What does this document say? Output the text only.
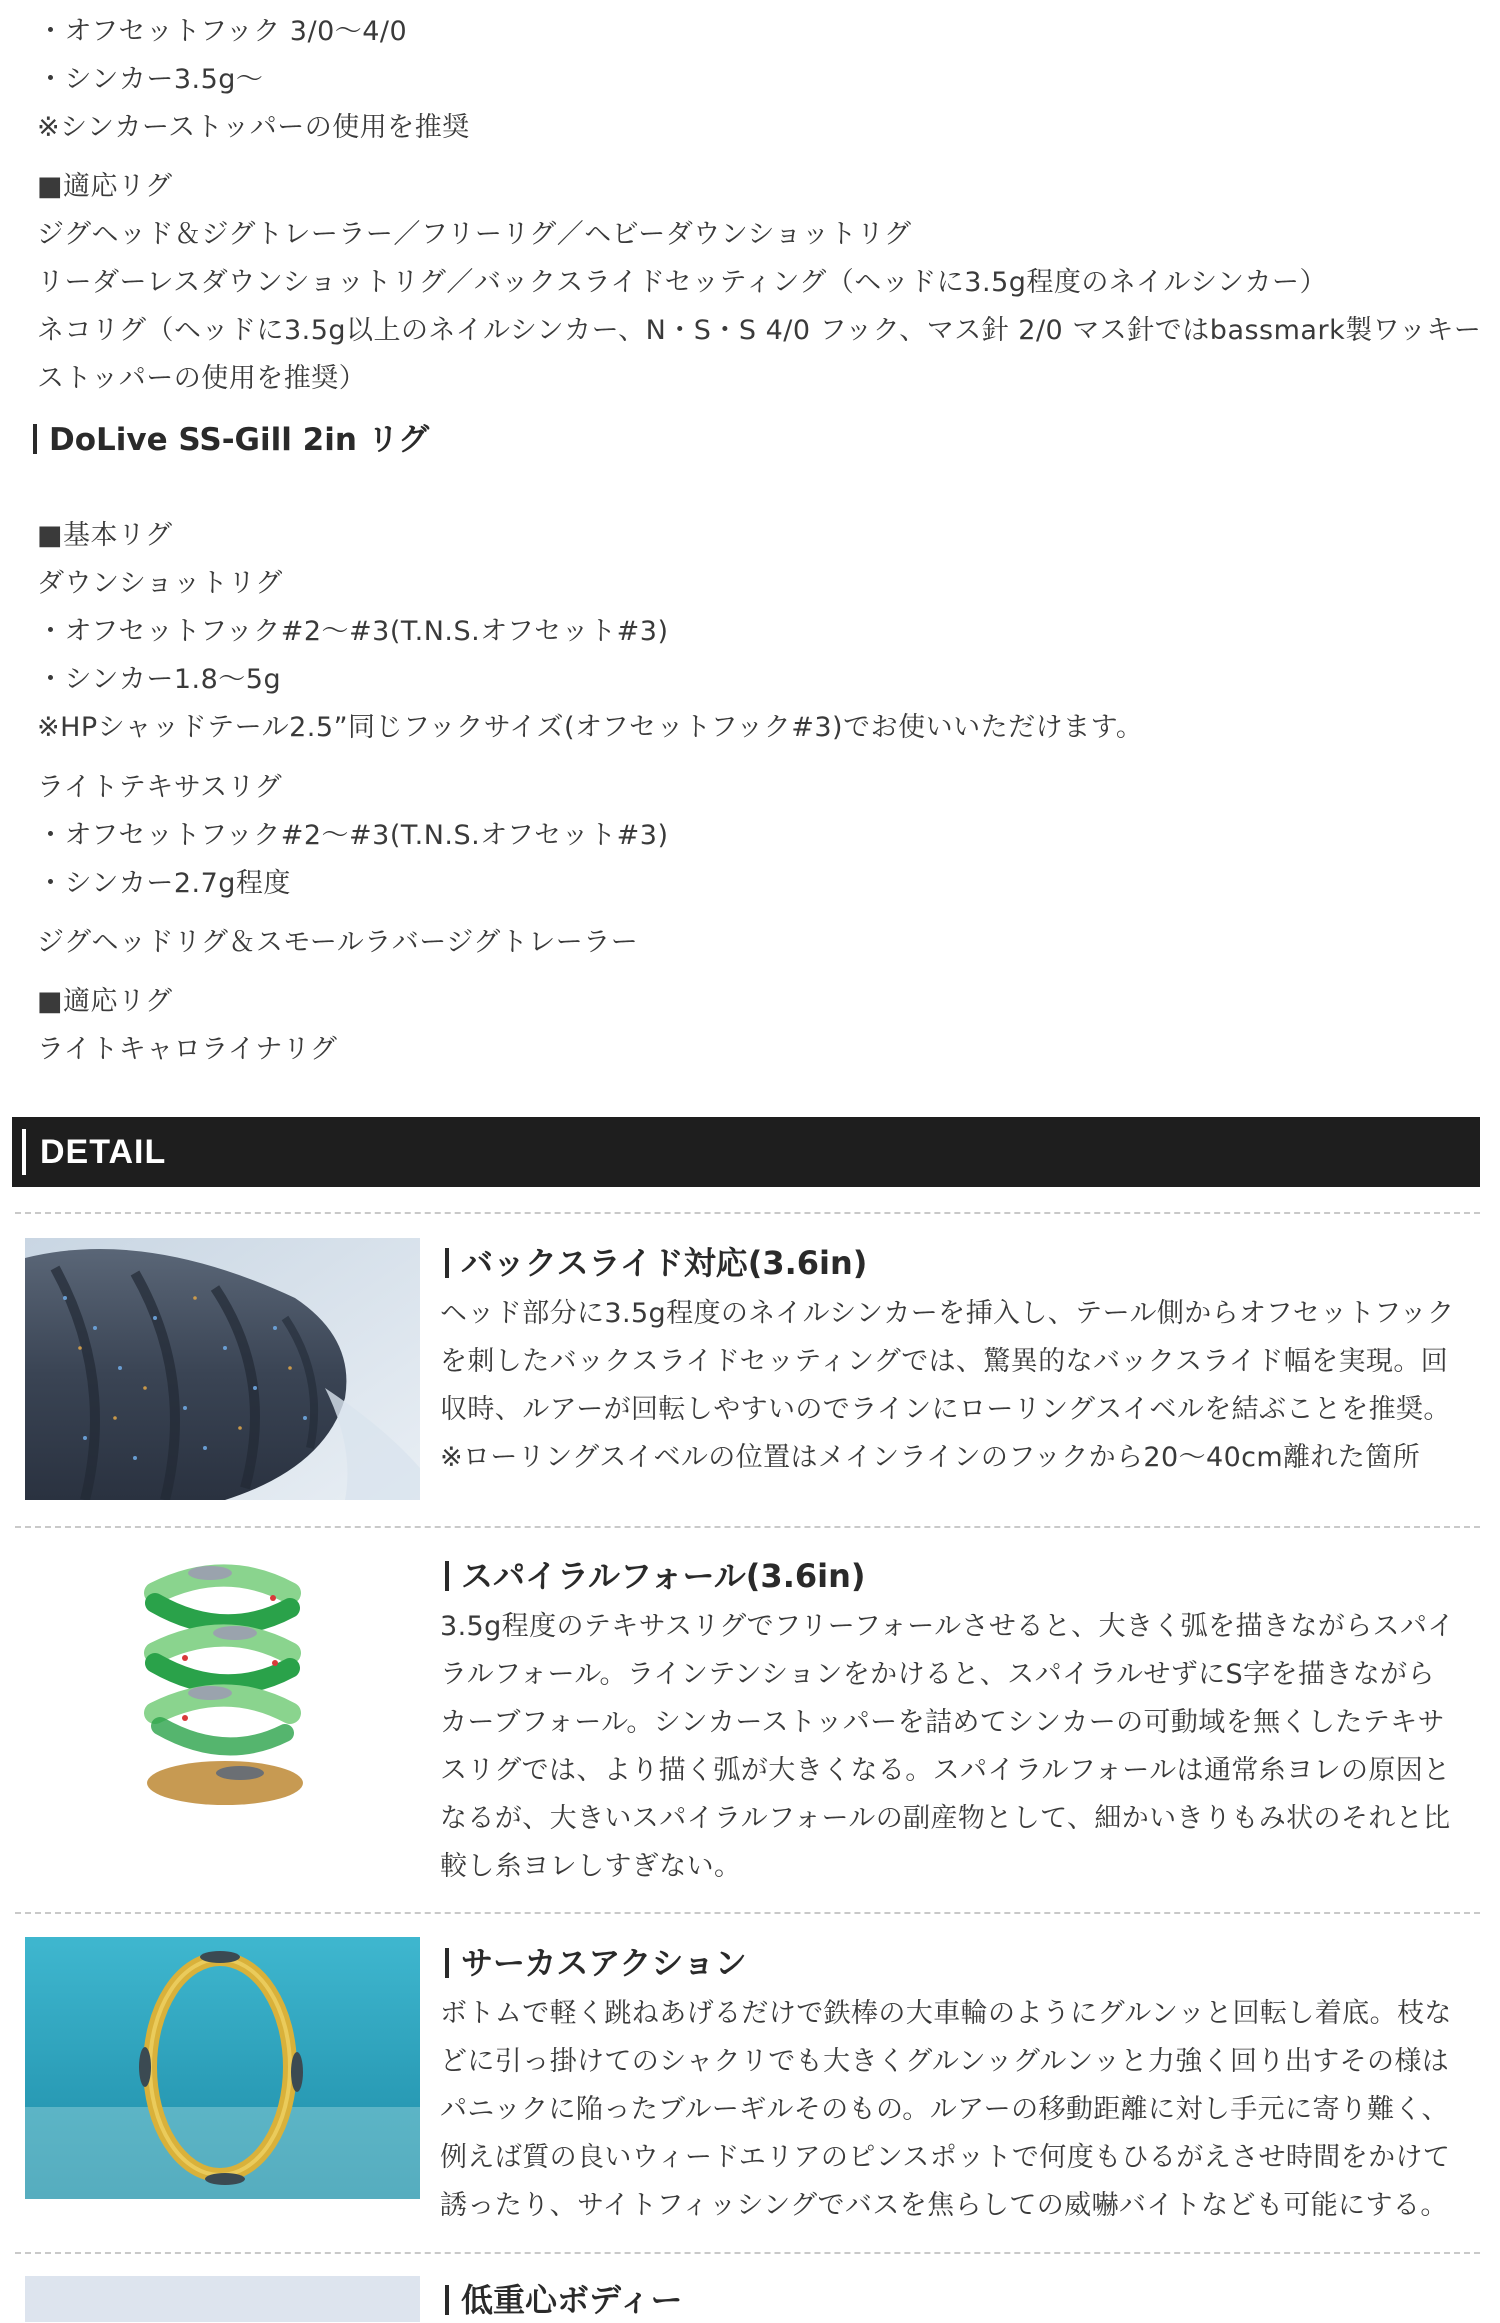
・オフセットフック 3/0〜4/0
・シンカー3.5g〜
※シンカーストッパーの使用を推奨
■適応リグ
ジグヘッド＆ジグトレーラー／フリーリグ／ヘビーダウンショットリグ
リーダーレスダウンショットリグ／バックスライドセッティング（ヘッドに3.5g程度のネイルシンカー）
ネコリグ（ヘッドに3.5g以上のネイルシンカー、N・S・S 4/0 フック、マス針 2/0 マス針ではbassmark製ワッキー
ストッパーの使用を推奨）
DoLive SS-Gill 2in リグ
■基本リグ
ダウンショットリグ
・オフセットフック#2〜#3(T.N.S.オフセット#3)
・シンカー1.8〜5g
※HPシャッドテール2.5”同じフックサイズ(オフセットフック#3)でお使いいただけます。
ライトテキサスリグ
・オフセットフック#2〜#3(T.N.S.オフセット#3)
・シンカー2.7g程度
ジグヘッドリグ＆スモールラバージグトレーラー
■適応リグ
ライトキャロライナリグ
DETAIL
バックスライド対応(3.6in)
ヘッド部分に3.5g程度のネイルシンカーを挿入し、テール側からオフセットフック
を刺したバックスライドセッティングでは、驚異的なバックスライド幅を実現。回
収時、ルアーが回転しやすいのでラインにローリングスイベルを結ぶことを推奨。
※ローリングスイベルの位置はメインラインのフックから20〜40cm離れた箇所
スパイラルフォール(3.6in)
3.5g程度のテキサスリグでフリーフォールさせると、大きく弧を描きながらスパイ
ラルフォール。ラインテンションをかけると、スパイラルせずにS字を描きながら
カーブフォール。シンカーストッパーを詰めてシンカーの可動域を無くしたテキサ
スリグでは、より描く弧が大きくなる。スパイラルフォールは通常糸ヨレの原因と
なるが、大きいスパイラルフォールの副産物として、細かいきりもみ状のそれと比
較し糸ヨレしすぎない。
サーカスアクション
ボトムで軽く跳ねあげるだけで鉄棒の大車輪のようにグルンッと回転し着底。枝な
どに引っ掛けてのシャクリでも大きくグルンッグルンッと力強く回り出すその様は
パニックに陥ったブルーギルそのもの。ルアーの移動距離に対し手元に寄り難く、
例えば質の良いウィードエリアのピンスポットで何度もひるがえさせ時間をかけて
誘ったり、サイトフィッシングでバスを焦らしての威嚇バイトなども可能にする。
低重心ボディー
